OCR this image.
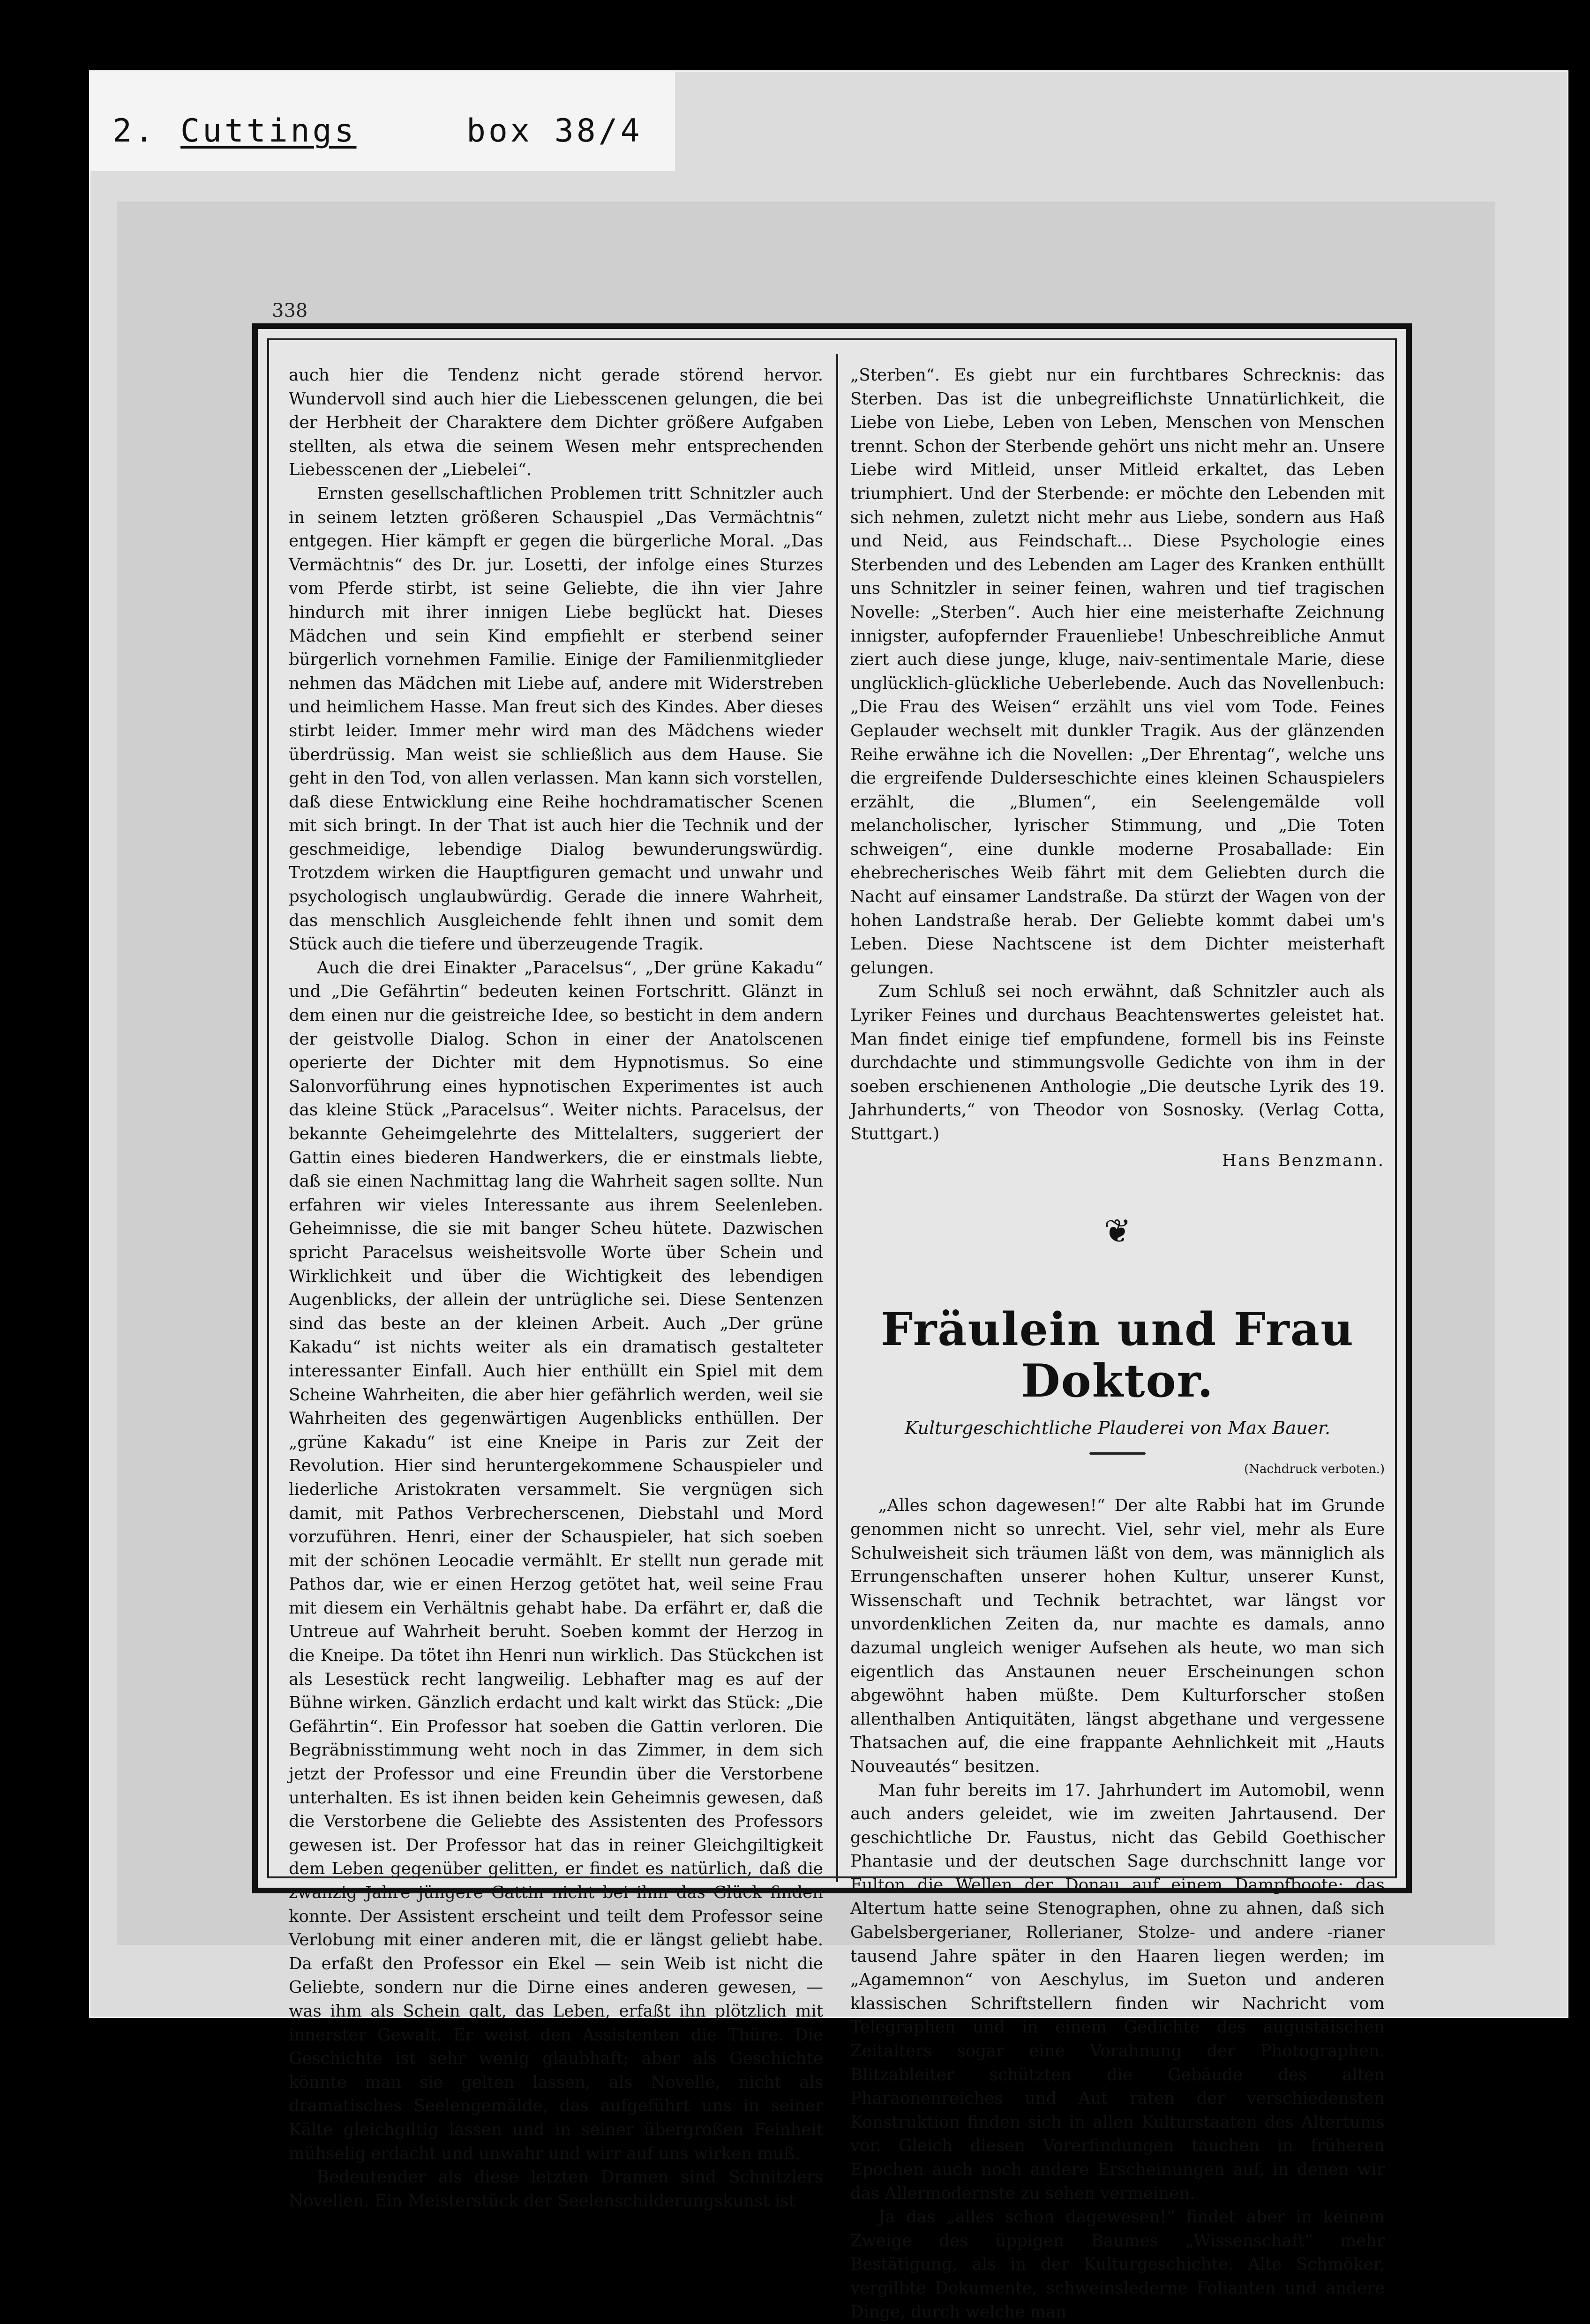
2. Cuttings	box 38/4
338

auch hier die Tendenz nicht gerade störend hervor. Wundervoll sind auch hier die Liebesscenen gelungen, die bei der Herbheit der Charaktere dem Dichter größere Aufgaben stellten, als etwa die seinem Wesen mehr entsprechenden Liebesscenen der „Liebelei“.

Ernsten gesellschaftlichen Problemen tritt Schnitzler auch in seinem letzten größeren Schauspiel „Das Vermächtnis“ entgegen. Hier kämpft er gegen die bürgerliche Moral. „Das Vermächtnis“ des Dr. jur. Losetti, der infolge eines Sturzes vom Pferde stirbt, ist seine Geliebte, die ihn vier Jahre hindurch mit ihrer innigen Liebe beglückt hat. Dieses Mädchen und sein Kind empfiehlt er sterbend seiner bürgerlich vornehmen Familie. Einige der Familienmitglieder nehmen das Mädchen mit Liebe auf, andere mit Widerstreben und heimlichem Hasse. Man freut sich des Kindes. Aber dieses stirbt leider. Immer mehr wird man des Mädchens wieder überdrüssig. Man weist sie schließlich aus dem Hause. Sie geht in den Tod, von allen verlassen. Man kann sich vorstellen, daß diese Entwicklung eine Reihe hochdramatischer Scenen mit sich bringt. In der That ist auch hier die Technik und der geschmeidige, lebendige Dialog bewunderungswürdig. Trotzdem wirken die Hauptfiguren gemacht und unwahr und psychologisch unglaubwürdig. Gerade die innere Wahrheit, das menschlich Ausgleichende fehlt ihnen und somit dem Stück auch die tiefere und überzeugende Tragik.

Auch die drei Einakter „Paracelsus“, „Der grüne Kakadu“ und „Die Gefährtin“ bedeuten keinen Fortschritt. Glänzt in dem einen nur die geistreiche Idee, so besticht in dem andern der geistvolle Dialog. Schon in einer der Anatolscenen operierte der Dichter mit dem Hypnotismus. So eine Salonvorführung eines hypnotischen Experimentes ist auch das kleine Stück „Paracelsus“. Weiter nichts. Paracelsus, der bekannte Geheimgelehrte des Mittelalters, suggeriert der Gattin eines biederen Handwerkers, die er einstmals liebte, daß sie einen Nachmittag lang die Wahrheit sagen sollte. Nun erfahren wir vieles Interessante aus ihrem Seelenleben. Geheimnisse, die sie mit banger Scheu hütete. Dazwischen spricht Paracelsus weisheitsvolle Worte über Schein und Wirklichkeit und über die Wichtigkeit des lebendigen Augenblicks, der allein der untrügliche sei. Diese Sentenzen sind das beste an der kleinen Arbeit. Auch „Der grüne Kakadu“ ist nichts weiter als ein dramatisch gestalteter interessanter Einfall. Auch hier enthüllt ein Spiel mit dem Scheine Wahrheiten, die aber hier gefährlich werden, weil sie Wahrheiten des gegenwärtigen Augenblicks enthüllen. Der „grüne Kakadu“ ist eine Kneipe in Paris zur Zeit der Revolution. Hier sind heruntergekommene Schauspieler und liederliche Aristokraten versammelt. Sie vergnügen sich damit, mit Pathos Verbrecherscenen, Diebstahl und Mord vorzuführen. Henri, einer der Schauspieler, hat sich soeben mit der schönen Leocadie vermählt. Er stellt nun gerade mit Pathos dar, wie er einen Herzog getötet hat, weil seine Frau mit diesem ein Verhältnis gehabt habe. Da erfährt er, daß die Untreue auf Wahrheit beruht. Soeben kommt der Herzog in die Kneipe. Da tötet ihn Henri nun wirklich. Das Stückchen ist als Lesestück recht langweilig. Lebhafter mag es auf der Bühne wirken. Gänzlich erdacht und kalt wirkt das Stück: „Die Gefährtin“. Ein Professor hat soeben die Gattin verloren. Die Begräbnisstimmung weht noch in das Zimmer, in dem sich jetzt der Professor und eine Freundin über die Verstorbene unterhalten. Es ist ihnen beiden kein Geheimnis gewesen, daß die Verstorbene die Geliebte des Assistenten des Professors gewesen ist. Der Professor hat das in reiner Gleichgiltigkeit dem Leben gegenüber gelitten, er findet es natürlich, daß die zwanzig Jahre jüngere Gattin nicht bei ihm das Glück finden konnte. Der Assistent erscheint und teilt dem Professor seine Verlobung mit einer anderen mit, die er längst geliebt habe. Da erfaßt den Professor ein Ekel — sein Weib ist nicht die Geliebte, sondern nur die Dirne eines anderen gewesen, — was ihm als Schein galt, das Leben, erfaßt ihn plötzlich mit innerster Gewalt. Er weist den Assistenten die Thüre. Die Geschichte ist sehr wenig glaubhaft; aber als Geschichte könnte man sie gelten lassen, als Novelle, nicht als dramatisches Seelengemälde, das aufgeführt uns in seiner Kälte gleichgiltig lassen und in seiner übergroßen Feinheit mühselig erdacht und unwahr und wirr auf uns wirken muß.

Bedeutender als diese letzten Dramen sind Schnitzlers Novellen. Ein Meisterstück der Seelenschilderungskunst ist

„Sterben“. Es giebt nur ein furchtbares Schrecknis: das Sterben. Das ist die unbegreiflichste Unnatürlichkeit, die Liebe von Liebe, Leben von Leben, Menschen von Menschen trennt. Schon der Sterbende gehört uns nicht mehr an. Unsere Liebe wird Mitleid, unser Mitleid erkaltet, das Leben triumphiert. Und der Sterbende: er möchte den Lebenden mit sich nehmen, zuletzt nicht mehr aus Liebe, sondern aus Haß und Neid, aus Feindschaft... Diese Psychologie eines Sterbenden und des Lebenden am Lager des Kranken enthüllt uns Schnitzler in seiner feinen, wahren und tief tragischen Novelle: „Sterben“. Auch hier eine meisterhafte Zeichnung innigster, aufopfernder Frauenliebe! Unbeschreibliche Anmut ziert auch diese junge, kluge, naiv-sentimentale Marie, diese unglücklich-glückliche Ueberlebende. Auch das Novellenbuch: „Die Frau des Weisen“ erzählt uns viel vom Tode. Feines Geplauder wechselt mit dunkler Tragik. Aus der glänzenden Reihe erwähne ich die Novellen: „Der Ehrentag“, welche uns die ergreifende Dulderseschichte eines kleinen Schauspielers erzählt, die „Blumen“, ein Seelengemälde voll melancholischer, lyrischer Stimmung, und „Die Toten schweigen“, eine dunkle moderne Prosaballade: Ein ehebrecherisches Weib fährt mit dem Geliebten durch die Nacht auf einsamer Landstraße. Da stürzt der Wagen von der hohen Landstraße herab. Der Geliebte kommt dabei um's Leben. Diese Nachtscene ist dem Dichter meisterhaft gelungen.

Zum Schluß sei noch erwähnt, daß Schnitzler auch als Lyriker Feines und durchaus Beachtenswertes geleistet hat. Man findet einige tief empfundene, formell bis ins Feinste durchdachte und stimmungsvolle Gedichte von ihm in der soeben erschienenen Anthologie „Die deutsche Lyrik des 19. Jahrhunderts,“ von Theodor von Sosnosky. (Verlag Cotta, Stuttgart.)

Hans Benzmann.
❦
Fräulein und Frau Doktor.
Kulturgeschichtliche Plauderei von Max Bauer.
(Nachdruck verboten.)

„Alles schon dagewesen!“ Der alte Rabbi hat im Grunde genommen nicht so unrecht. Viel, sehr viel, mehr als Eure Schulweisheit sich träumen läßt von dem, was männiglich als Errungenschaften unserer hohen Kultur, unserer Kunst, Wissenschaft und Technik betrachtet, war längst vor unvordenklichen Zeiten da, nur machte es damals, anno dazumal ungleich weniger Aufsehen als heute, wo man sich eigentlich das Anstaunen neuer Erscheinungen schon abgewöhnt haben müßte. Dem Kulturforscher stoßen allenthalben Antiquitäten, längst abgethane und vergessene Thatsachen auf, die eine frappante Aehnlichkeit mit „Hauts Nouveautés“ besitzen.

Man fuhr bereits im 17. Jahrhundert im Automobil, wenn auch anders geleidet, wie im zweiten Jahrtausend. Der geschichtliche Dr. Faustus, nicht das Gebild Goethischer Phantasie und der deutschen Sage durchschnitt lange vor Fulton die Wellen der Donau auf einem Dampfboote; das Altertum hatte seine Stenographen, ohne zu ahnen, daß sich Gabelsbergerianer, Rollerianer, Stolze- und andere -rianer tausend Jahre später in den Haaren liegen werden; im „Agamemnon“ von Aeschylus, im Sueton und anderen klassischen Schriftstellern finden wir Nachricht vom Telegraphen und in einem Gedichte des augustäischen Zeitalters sogar eine Vorahnung der Photographen. Blitzableiter schützten die Gebäude des alten Pharaonenreiches und Aut raten der verschiedensten Konstruktion finden sich in allen Kulturstaaten des Altertums vor. Gleich diesen Vorerfindungen tauchen in früheren Epochen auch noch andere Erscheinungen auf, in denen wir das Allermodernste zu sehen vermeinen.

Ja das „alles schon dagewesen!“ findet aber in keinem Zweige des üppigen Baumes „Wissenschaft“ mehr Bestätigung, als in der Kulturgeschichte. Alte Schmöker, vergilbte Dokumente, schweinslederne Folianten und andere Dinge, durch welche man
